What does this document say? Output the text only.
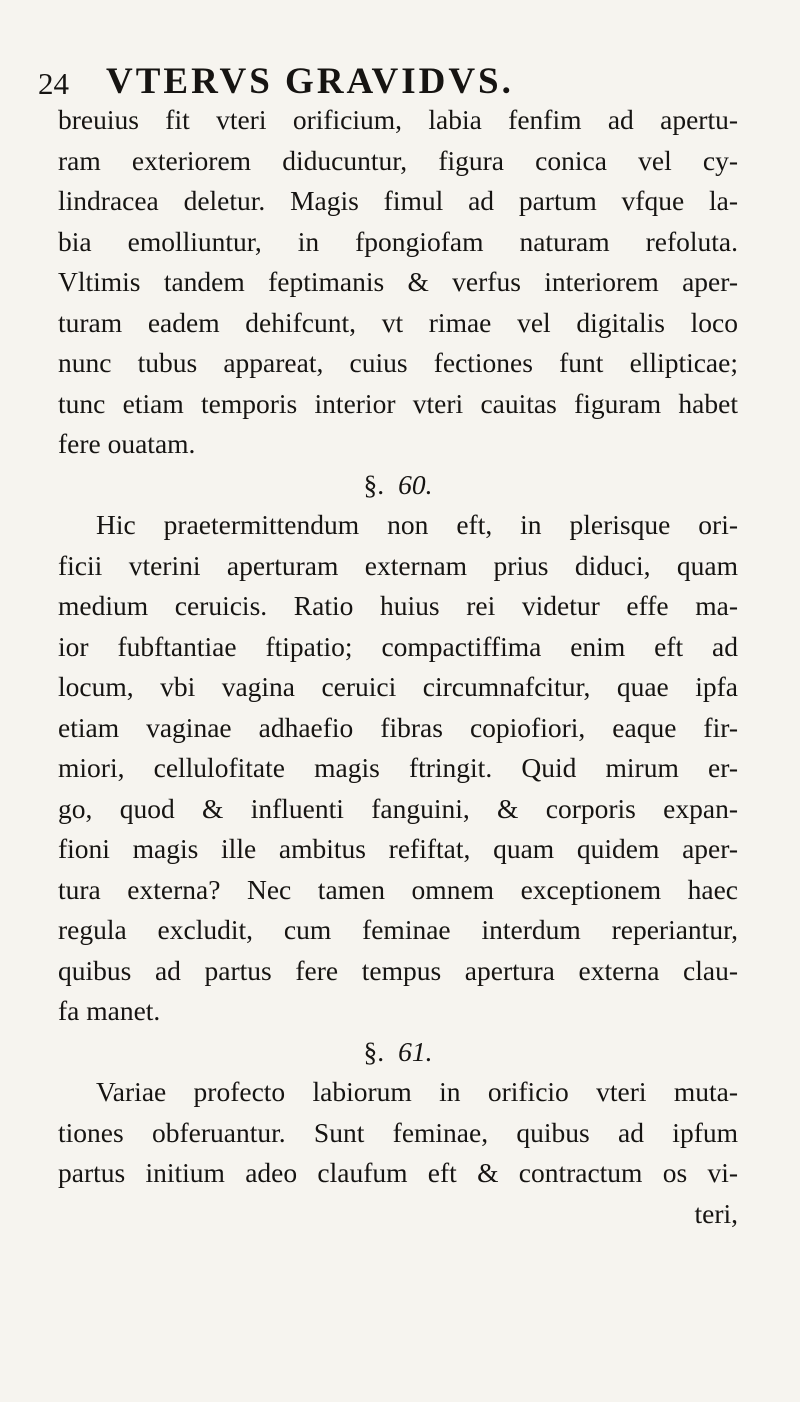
24 VTERVS GRAVIDVS.
breuius fit vteri orificium, labia fenfim ad apertu-
ram exteriorem diducuntur, figura conica vel cy-
lindracea deletur. Magis fimul ad partum vfque la-
bia emolliuntur, in fpongiofam naturam refoluta.
Vltimis tandem feptimanis & verfus interiorem aper-
turam eadem dehifcunt, vt rimae vel digitalis loco
nunc tubus appareat, cuius fectiones funt ellipticae;
tunc etiam temporis interior vteri cauitas figuram habet
fere ouatam.
§. 60.
Hic praetermittendum non eft, in plerisque ori-
ficii vterini aperturam externam prius diduci, quam
medium ceruicis. Ratio huius rei videtur effe ma-
ior fubftantiae ftipatio; compactiffima enim eft ad
locum, vbi vagina ceruici circumnafcitur, quae ipfa
etiam vaginae adhaefio fibras copiofiori, eaque fir-
miori, cellulofitate magis ftringit. Quid mirum er-
go, quod & influenti fanguini, & corporis expan-
fioni magis ille ambitus refiftat, quam quidem aper-
tura externa? Nec tamen omnem exceptionem haec
regula excludit, cum feminae interdum reperiantur,
quibus ad partus fere tempus apertura externa clau-
fa manet.
§. 61.
Variae profecto labiorum in orificio vteri muta-
tiones obferuantur. Sunt feminae, quibus ad ipfum
partus initium adeo claufum eft & contractum os vi-
teri,
